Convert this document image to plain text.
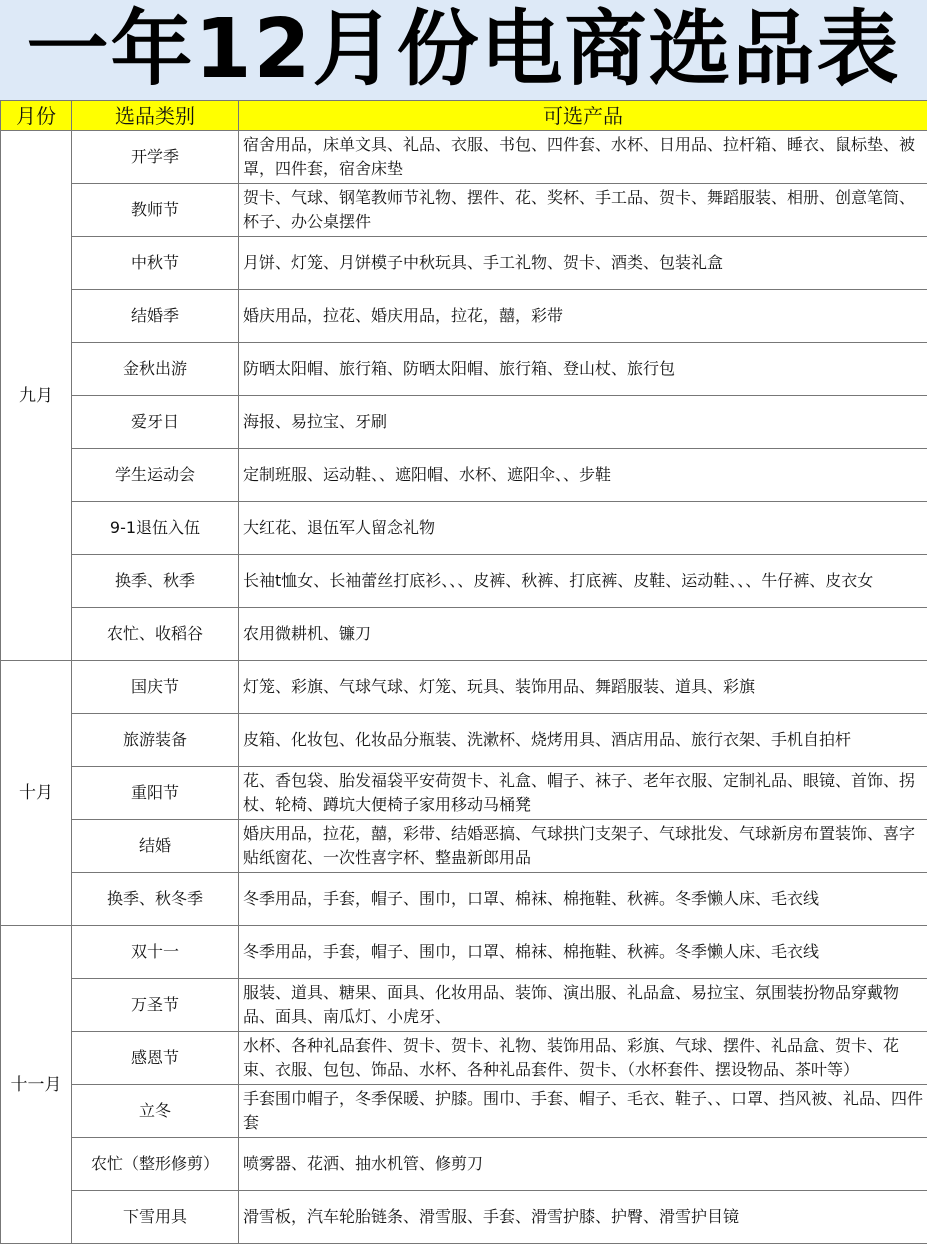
一年12月份电商选品表
月份	选品类别	可选产品
九月	开学季	宿舍用品，床单文具、礼品、衣服、书包、四件套、水杯、日用品、拉杆箱、睡衣、鼠标垫、被罩，四件套，宿舍床垫
	教师节	贺卡、气球、钢笔教师节礼物、摆件、花、奖杯、手工品、贺卡、舞蹈服装、相册、创意笔筒、杯子、办公桌摆件
	中秋节	月饼、灯笼、月饼模子中秋玩具、手工礼物、贺卡、酒类、包装礼盒
	结婚季	婚庆用品，拉花、婚庆用品，拉花，囍，彩带
	金秋出游	防晒太阳帽、旅行箱、防晒太阳帽、旅行箱、登山杖、旅行包
	爱牙日	海报、易拉宝、牙刷
	学生运动会	定制班服、运动鞋、、遮阳帽、水杯、遮阳伞、、步鞋
	9-1退伍入伍	大红花、退伍军人留念礼物
	换季、秋季	长袖t恤女、长袖蕾丝打底衫、、、皮裤、秋裤、打底裤、皮鞋、运动鞋、、、牛仔裤、皮衣女
	农忙、收稻谷	农用微耕机、镰刀
十月	国庆节	灯笼、彩旗、气球气球、灯笼、玩具、装饰用品、舞蹈服装、道具、彩旗
	旅游装备	皮箱、化妆包、化妆品分瓶装、洗漱杯、烧烤用具、酒店用品、旅行衣架、手机自拍杆
	重阳节	花、香包袋、胎发福袋平安荷贺卡、礼盒、帽子、袜子、老年衣服、定制礼品、眼镜、首饰、拐杖、轮椅、蹲坑大便椅子家用移动马桶凳
	结婚	婚庆用品，拉花，囍，彩带、结婚恶搞、气球拱门支架子、气球批发、气球新房布置装饰、喜字贴纸窗花、一次性喜字杯、整蛊新郎用品
	换季、秋冬季	冬季用品，手套，帽子、围巾，口罩、棉袜、棉拖鞋、秋裤。冬季懒人床、毛衣线
十一月	双十一	冬季用品，手套，帽子、围巾，口罩、棉袜、棉拖鞋、秋裤。冬季懒人床、毛衣线
	万圣节	服装、道具、糖果、面具、化妆用品、装饰、演出服、礼品盒、易拉宝、氛围装扮物品穿戴物品、面具、南瓜灯、小虎牙、
	感恩节	水杯、各种礼品套件、贺卡、贺卡、礼物、装饰用品、彩旗、气球、摆件、礼品盒、贺卡、花束、衣服、包包、饰品、水杯、各种礼品套件、贺卡、（水杯套件、摆设物品、茶叶等）
	立冬	手套围巾帽子，冬季保暖、护膝。围巾、手套、帽子、毛衣、鞋子、、口罩、挡风被、礼品、四件套
	农忙（整形修剪）	喷雾器、花洒、抽水机管、修剪刀
	下雪用具	滑雪板，汽车轮胎链条、滑雪服、手套、滑雪护膝、护臀、滑雪护目镜
